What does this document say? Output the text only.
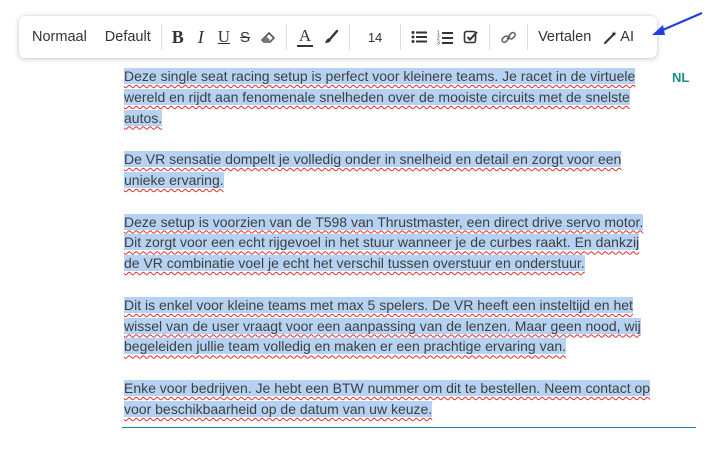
Normaal	Default B I U S	A	14	1
2
3	Vertalen	AI
NL

Deze single seat racing setup is perfect voor kleinere teams. Je racet in de virtuele wereld en rijdt aan fenomenale snelheden over de mooiste circuits met de snelste autos.

De VR sensatie dompelt je volledig onder in snelheid en detail en zorgt voor een unieke ervaring.

Deze setup is voorzien van de T598 van Thrustmaster, een direct drive servo motor. Dit zorgt voor een echt rijgevoel in het stuur wanneer je de curbes raakt. En dankzij de VR combinatie voel je echt het verschil tussen overstuur en onderstuur.

Dit is enkel voor kleine teams met max 5 spelers. De VR heeft een insteltijd en het wissel van de user vraagt voor een aanpassing van de lenzen. Maar geen nood, wij begeleiden jullie team volledig en maken er een prachtige ervaring van.

Enke voor bedrijven. Je hebt een BTW nummer om dit te bestellen. Neem contact op voor beschikbaarheid op de datum van uw keuze.
